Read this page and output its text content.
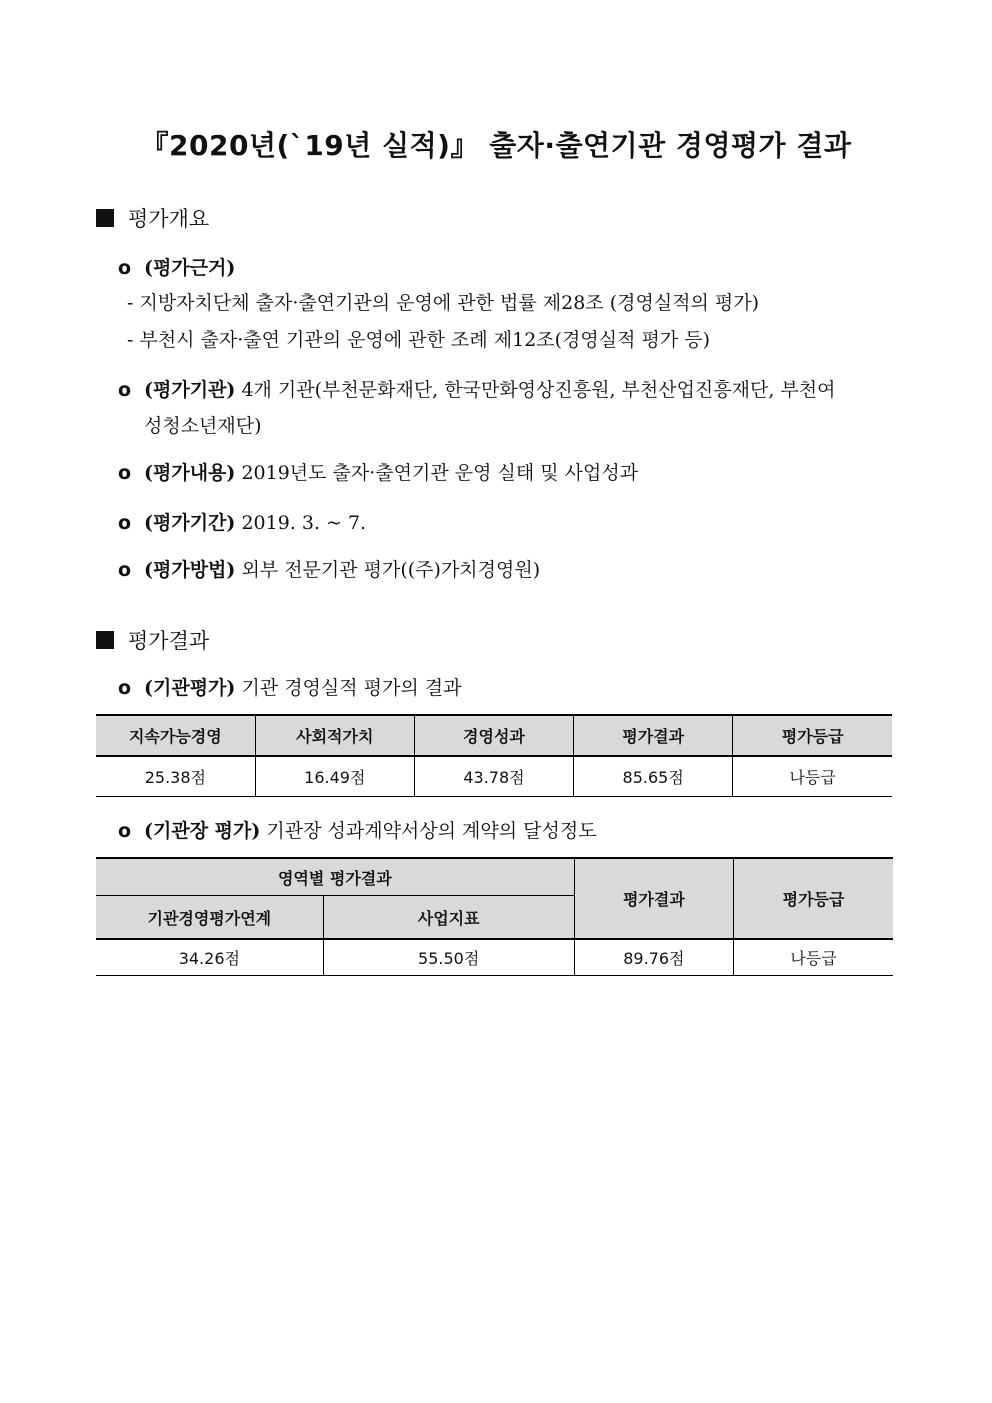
『2020년(`19년 실적)』 출자·출연기관 경영평가 결과
평가개요
o (평가근거)
- 지방자치단체 출자·출연기관의 운영에 관한 법률 제28조 (경영실적의 평가)
- 부천시 출자·출연 기관의 운영에 관한 조례 제12조(경영실적 평가 등)
o (평가기관) 4개 기관(부천문화재단, 한국만화영상진흥원, 부천산업진흥재단, 부천여
성청소년재단)
o (평가내용) 2019년도 출자·출연기관 운영 실태 및 사업성과
o (평가기간) 2019. 3. ~ 7.
o (평가방법) 외부 전문기관 평가((주)가치경영원)
평가결과
o (기관평가) 기관 경영실적 평가의 결과
지속가능경영	사회적가치	경영성과	평가결과	평가등급
25.38점	16.49점	43.78점	85.65점	나등급
o (기관장 평가) 기관장 성과계약서상의 계약의 달성정도
영역별 평가결과		평가결과	평가등급
기관경영평가연계	사업지표		
34.26점	55.50점	89.76점	나등급
